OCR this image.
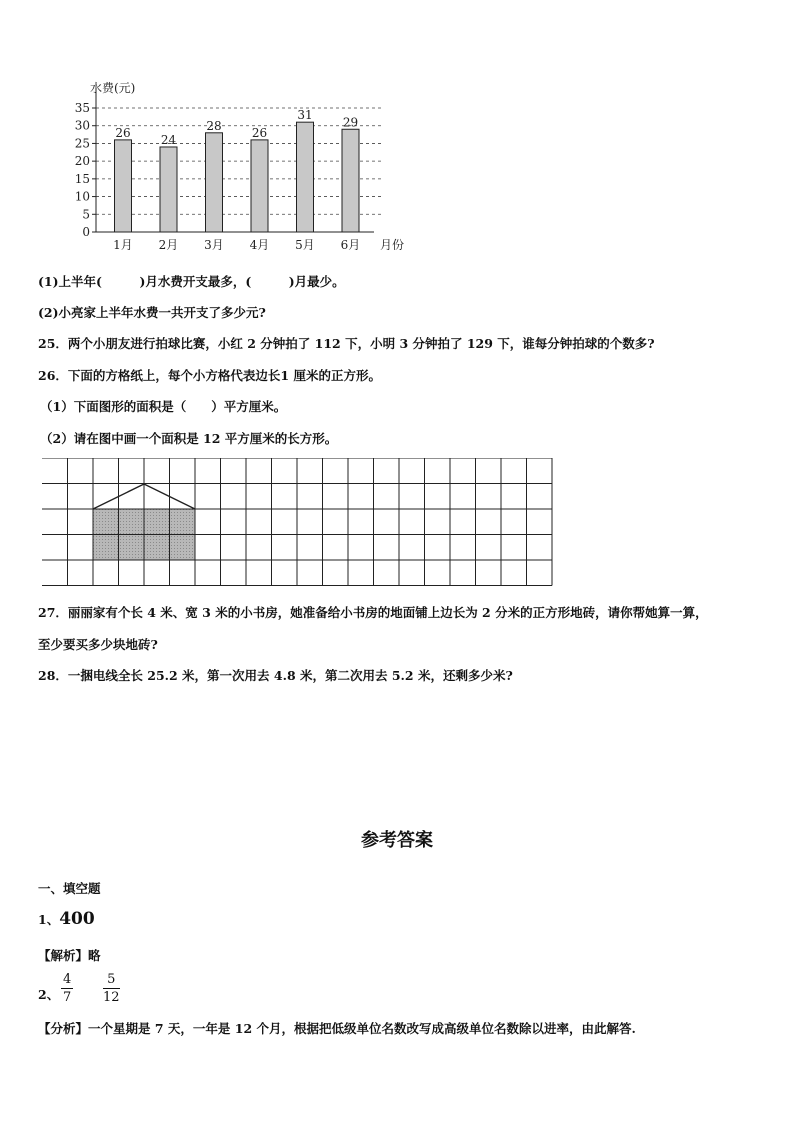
0
5
10
15
20
25
30
35
水费(元)
月份
26
1月
24
2月
28
3月
26
4月
31
5月
29
6月
(1)上半年(　　　)月水费开支最多，(　　　)月最少。
(2)小亮家上半年水费一共开支了多少元?
25．两个小朋友进行拍球比赛，小红 2 分钟拍了 112 下，小明 3 分钟拍了 129 下，谁每分钟拍球的个数多?
26．下面的方格纸上，每个小方格代表边长1 厘米的正方形。
（1）下面图形的面积是（　　）平方厘米。
（2）请在图中画一个面积是 12 平方厘米的长方形。
27．丽丽家有个长 4 米、宽 3 米的小书房，她准备给小书房的地面铺上边长为 2 分米的正方形地砖，请你帮她算一算，
至少要买多少块地砖?
28．一捆电线全长 25.2 米，第一次用去 4.8 米，第二次用去 5.2 米，还剩多少米?
参考答案
一、填空题
1、400
【解析】略
2、 $\frac{4}{7} \frac{5}{12}$
【分析】一个星期是 7 天，一年是 12 个月，根据把低级单位名数改写成高级单位名数除以进率，由此解答.
